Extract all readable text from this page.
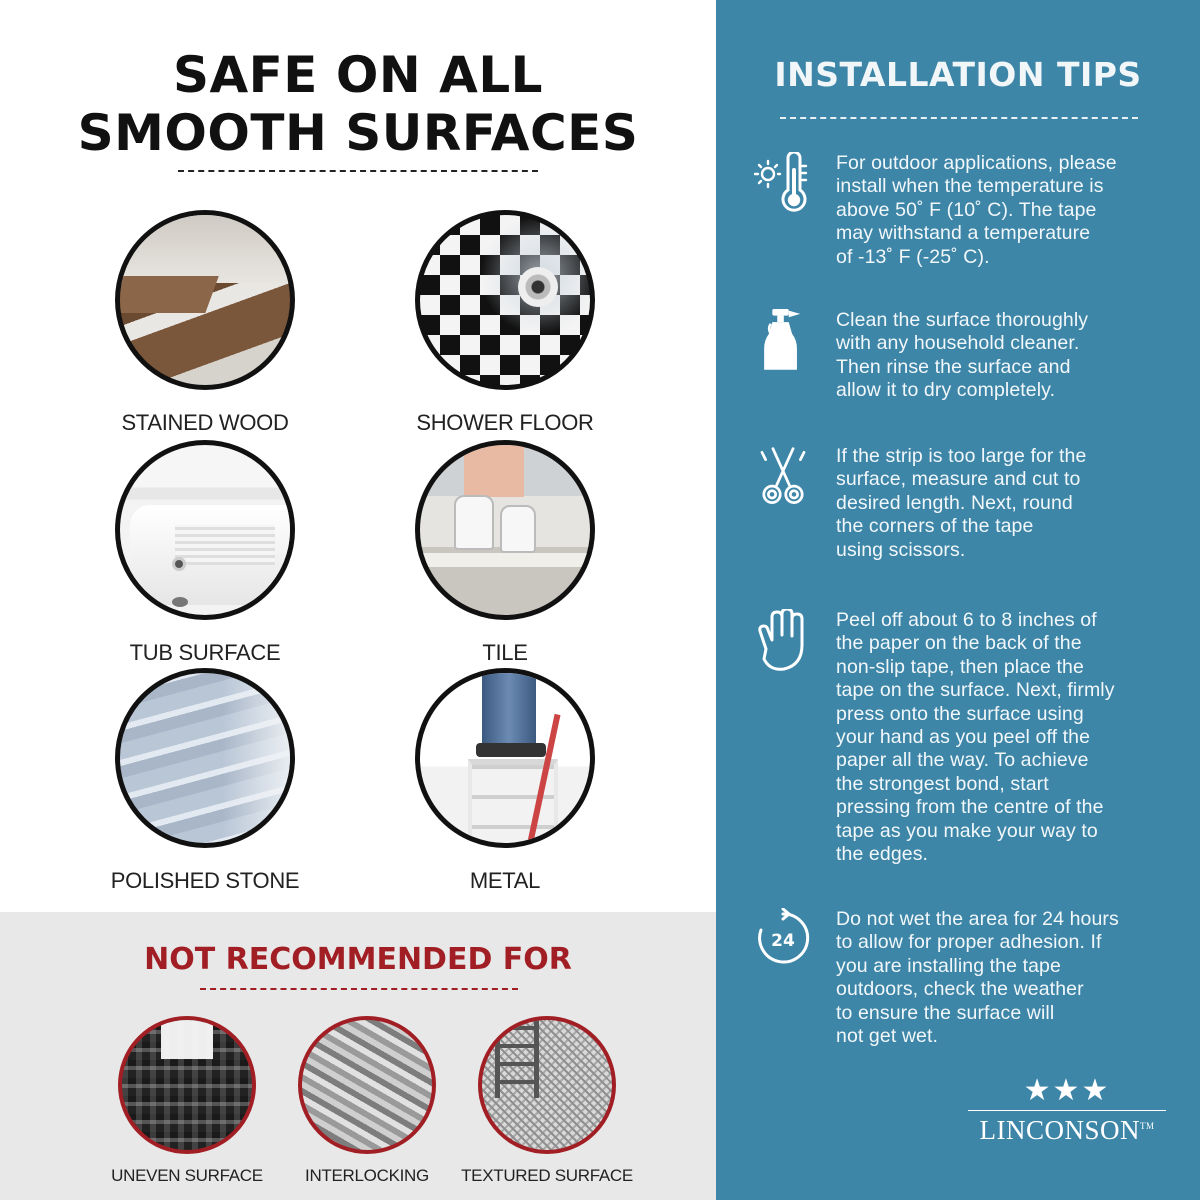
SAFE ON ALL
SMOOTH SURFACES
STAINED WOOD	SHOWER FLOOR
TUB SURFACE	TILE
POLISHED STONE	METAL
NOT RECOMMENDED FOR
UNEVEN SURFACE	INTERLOCKING	TEXTURED SURFACE
INSTALLATION TIPS
For outdoor applications, please
install when the temperature is
above 50˚ F (10˚ C). The tape
may withstand a temperature
of -13˚ F (-25˚ C).
Clean the surface thoroughly
with any household cleaner.
Then rinse the surface and
allow it to dry completely.
If the strip is too large for the
surface, measure and cut to
desired length. Next, round
the corners of the tape
using scissors.
Peel off about 6 to 8 inches of
the paper on the back of the
non-slip tape, then place the
tape on the surface. Next, firmly
press onto the surface using
your hand as you peel off the
paper all the way. To achieve
the strongest bond, start
pressing from the centre of the
tape as you make your way to
the edges.
24
Do not wet the area for 24 hours
to allow for proper adhesion. If
you are installing the tape
outdoors, check the weather
to ensure the surface will
not get wet.
★★★
LINCONSON™
